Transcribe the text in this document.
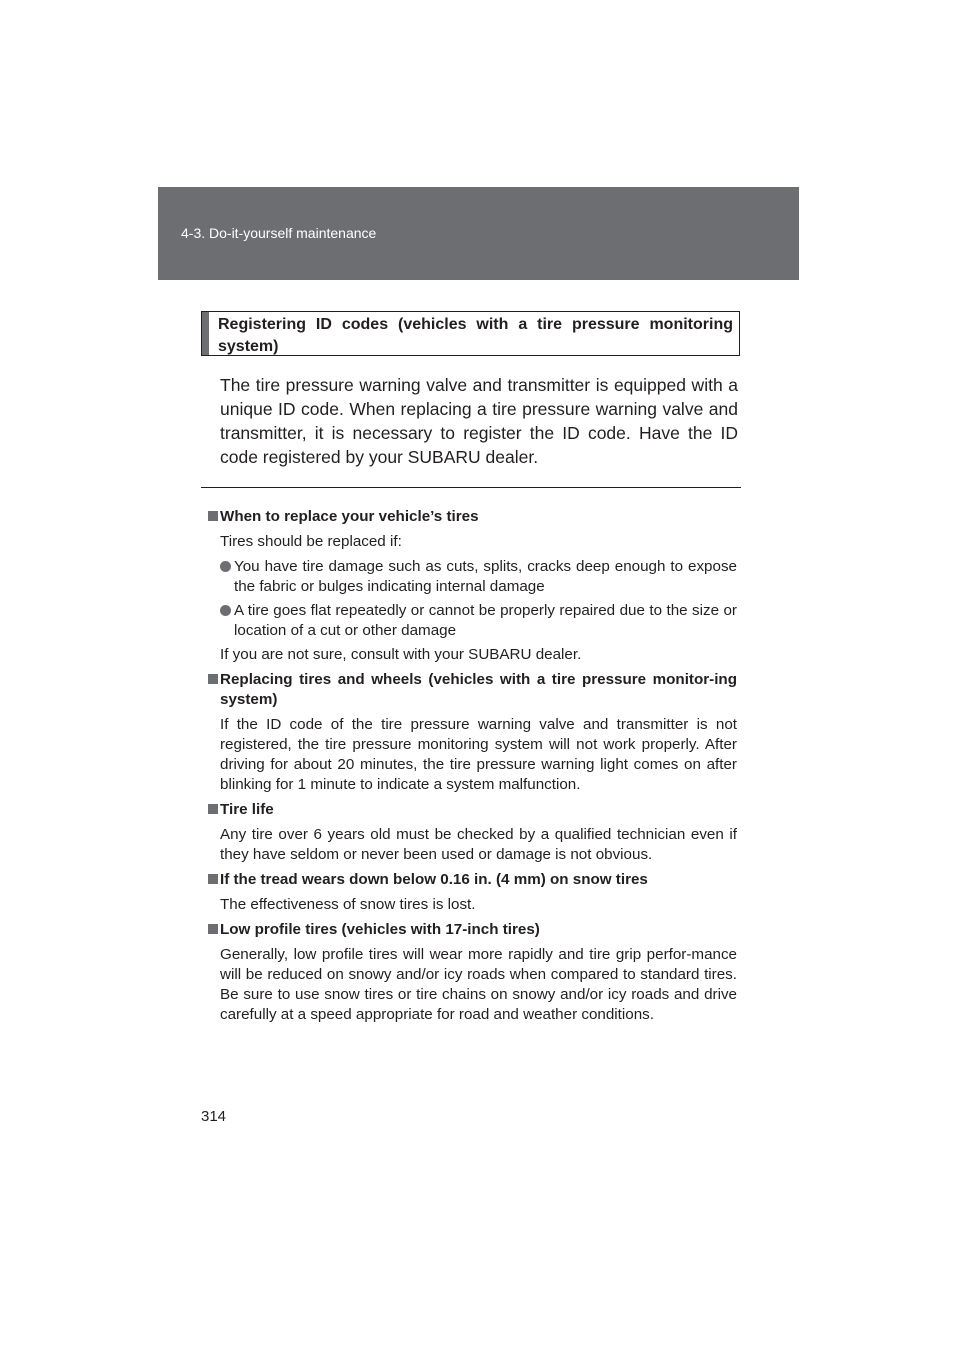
4-3. Do-it-yourself maintenance
Registering ID codes (vehicles with a tire pressure monitoring system)

The tire pressure warning valve and transmitter is equipped with a unique ID code. When replacing a tire pressure warning valve and transmitter, it is necessary to register the ID code. Have the ID code registered by your SUBARU dealer.

When to replace your vehicle’s tires
Tires should be replaced if:
You have tire damage such as cuts, splits, cracks deep enough to expose the fabric or bulges indicating internal damage
A tire goes flat repeatedly or cannot be properly repaired due to the size or location of a cut or other damage
If you are not sure, consult with your SUBARU dealer.
Replacing tires and wheels (vehicles with a tire pressure monitor-ing system)
If the ID code of the tire pressure warning valve and transmitter is not registered, the tire pressure monitoring system will not work properly. After driving for about 20 minutes, the tire pressure warning light comes on after blinking for 1 minute to indicate a system malfunction.
Tire life
Any tire over 6 years old must be checked by a qualified technician even if they have seldom or never been used or damage is not obvious.
If the tread wears down below 0.16 in. (4 mm) on snow tires
The effectiveness of snow tires is lost.
Low profile tires (vehicles with 17-inch tires)
Generally, low profile tires will wear more rapidly and tire grip perfor-mance will be reduced on snowy and/or icy roads when compared to standard tires. Be sure to use snow tires or tire chains on snowy and/or icy roads and drive carefully at a speed appropriate for road and weather conditions.
314
